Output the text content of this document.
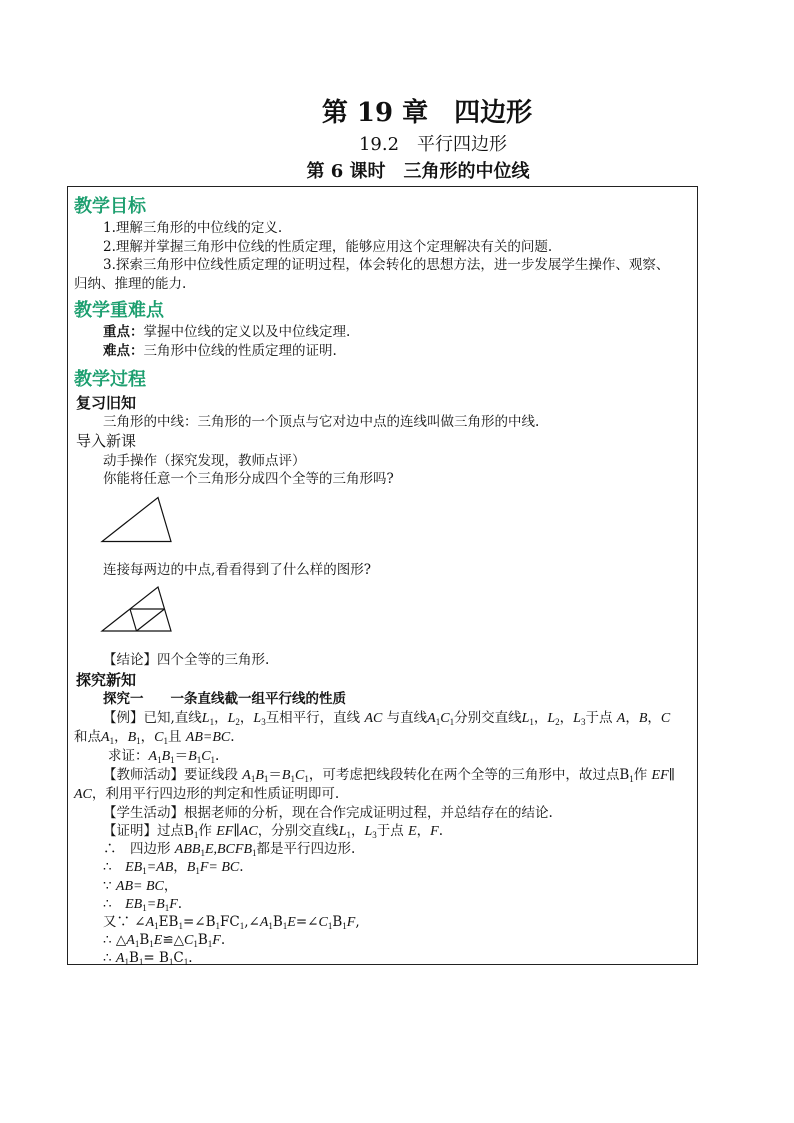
第 19 章　四边形
19.2　平行四边形
第 6 课时　三角形的中位线
教学目标
1.理解三角形的中位线的定义.
2.理解并掌握三角形中位线的性质定理，能够应用这个定理解决有关的问题.
3.探索三角形中位线性质定理的证明过程，体会转化的思想方法，进一步发展学生操作、观察、
归纳、推理的能力.
教学重难点
重点：掌握中位线的定义以及中位线定理.
难点：三角形中位线的性质定理的证明.
教学过程
复习旧知
三角形的中线：三角形的一个顶点与它对边中点的连线叫做三角形的中线.
导入新课
动手操作（探究发现，教师点评）
你能将任意一个三角形分成四个全等的三角形吗?
连接每两边的中点,看看得到了什么样的图形?
【结论】四个全等的三角形.
探究新知
探究一　　一条直线截一组平行线的性质
【例】已知,直线$L_1$，$L_2$，$L_3$互相平行，直线 AC 与直线$A_1C_1$分别交直线$L_1$，$L_2$，$L_3$于点 A，B，C
和点$A_1$，$B_1$，$C_1$且 AB=BC.
求证：$A_1B_1=B_1C_1$.
【教师活动】要证线段 $A_1B_1=B_1C_1$，可考虑把线段转化在两个全等的三角形中，故过点$B_1$作 EF∥
AC，利用平行四边形的判定和性质证明即可.
【学生活动】根据老师的分析，现在合作完成证明过程，并总结存在的结论.
【证明】过点$B_1$作 EF∥AC，分别交直线$L_1$，$L_3$于点 E，F.
∴　四边形 $ABB_1E,BCFB_1$都是平行四边形.
∴　$EB_1=AB$，$B_1F=$ BC.
∵ AB= BC，
∴　$EB_1=B_1F$.
又∵ $\angle A_1EB_1=\angle B_1FC_1,\angle A_1B_1E=\angle C_1B_1F$,
∴ $\triangle A_1B_1E≌\triangle C_1B_1F$.
∴ $A_1B_1= B_1C_1$.
